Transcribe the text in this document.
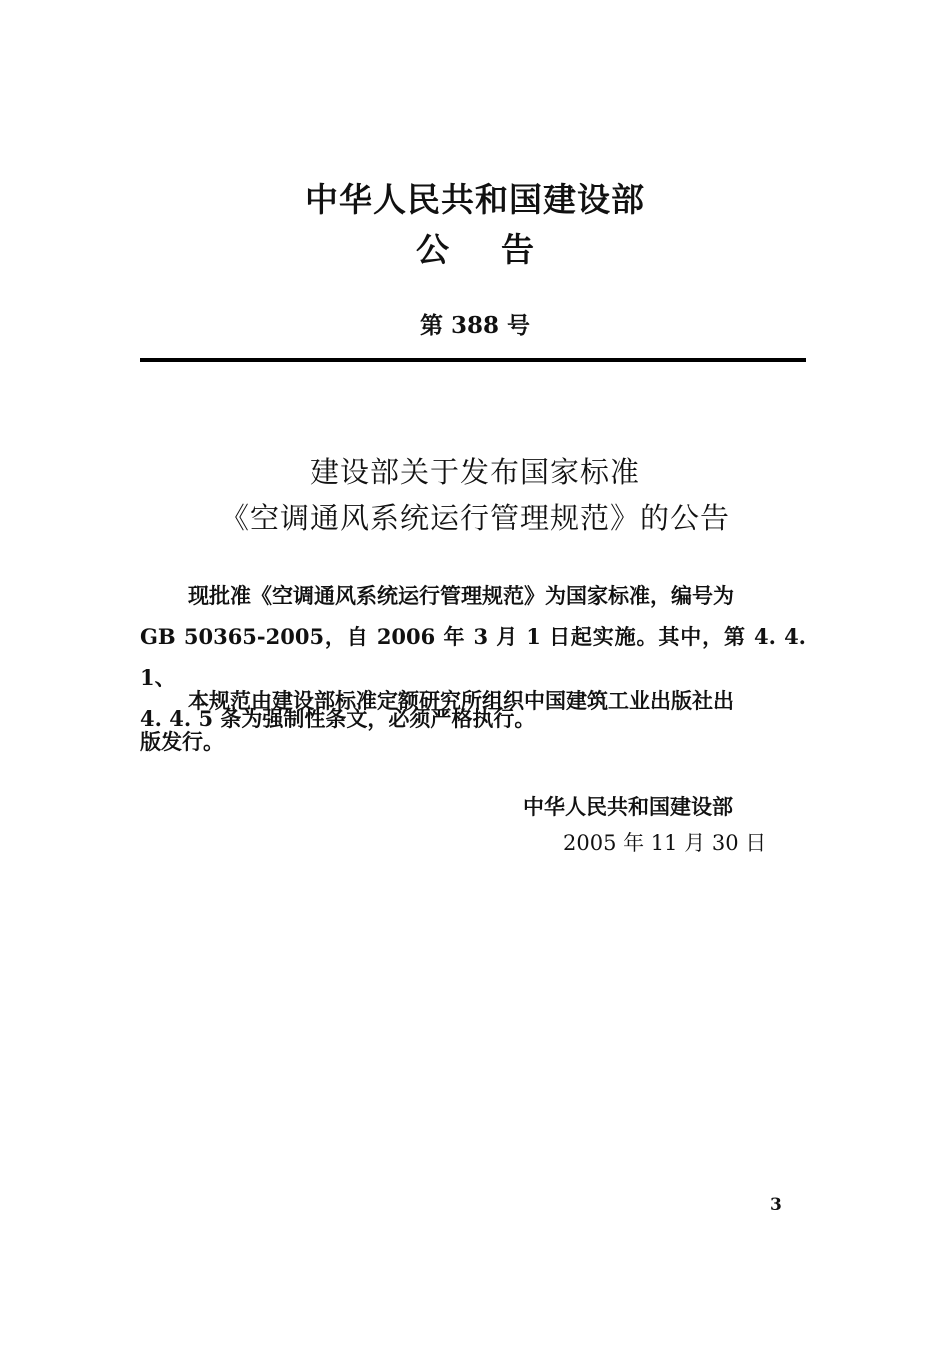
中华人民共和国建设部
公告
第 388 号
建设部关于发布国家标准
《空调通风系统运行管理规范》的公告
现批准《空调通风系统运行管理规范》为国家标准，编号为
GB 50365-2005，自 2006 年 3 月 1 日起实施。其中，第 4. 4. 1、
4. 4. 5 条为强制性条文，必须严格执行。
本规范由建设部标准定额研究所组织中国建筑工业出版社出
版发行。
中华人民共和国建设部
2005 年 11 月 30 日
3
